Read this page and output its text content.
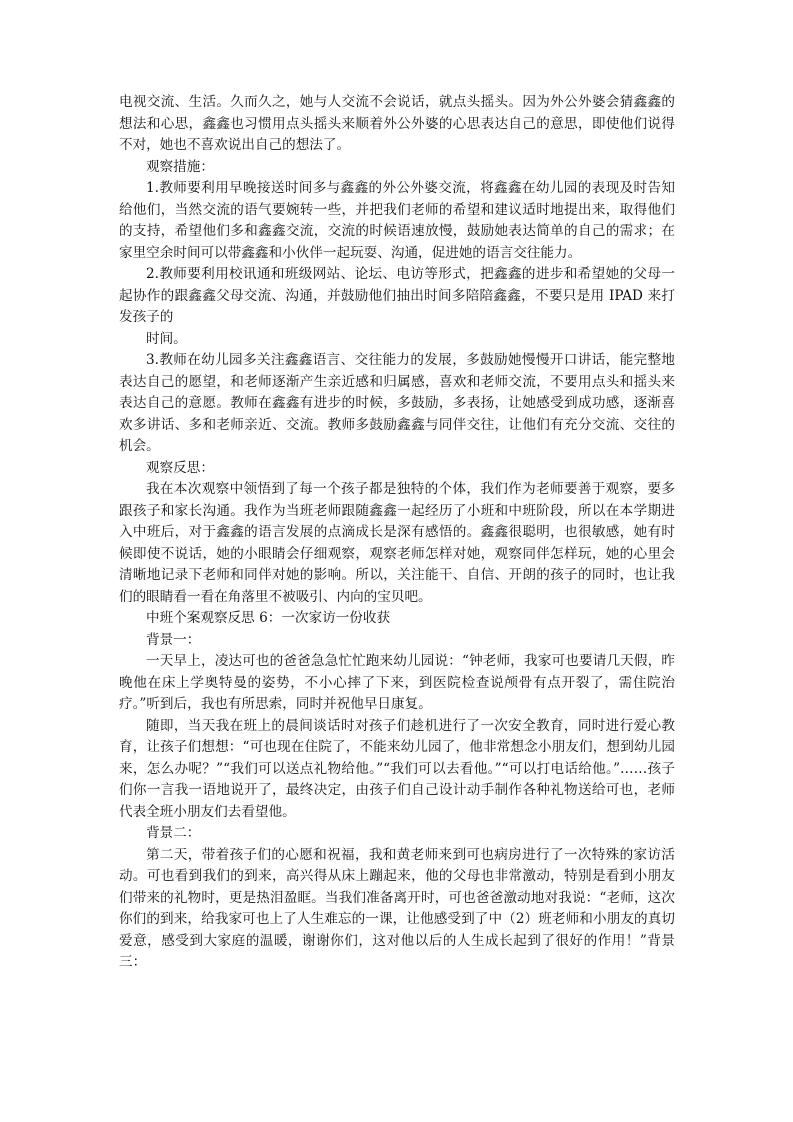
电视交流、生活。久而久之，她与人交流不会说话，就点头摇头。因为外公外婆会猜鑫鑫的想法和心思，鑫鑫也习惯用点头摇头来顺着外公外婆的心思表达自己的意思，即使他们说得不对，她也不喜欢说出自己的想法了。

观察措施：

1.教师要利用早晚接送时间多与鑫鑫的外公外婆交流，将鑫鑫在幼儿园的表现及时告知给他们，当然交流的语气要婉转一些，并把我们老师的希望和建议适时地提出来，取得他们的支持，希望他们多和鑫鑫交流，交流的时候语速放慢，鼓励她表达简单的自己的需求；在家里空余时间可以带鑫鑫和小伙伴一起玩耍、沟通，促进她的语言交往能力。

2.教师要利用校讯通和班级网站、论坛、电访等形式，把鑫鑫的进步和希望她的父母一起协作的跟鑫鑫父母交流、沟通，并鼓励他们抽出时间多陪陪鑫鑫，不要只是用 IPAD 来打发孩子的

时间。

3.教师在幼儿园多关注鑫鑫语言、交往能力的发展，多鼓励她慢慢开口讲话，能完整地表达自己的愿望，和老师逐渐产生亲近感和归属感，喜欢和老师交流，不要用点头和摇头来表达自己的意愿。教师在鑫鑫有进步的时候，多鼓励，多表扬，让她感受到成功感，逐渐喜欢多讲话、多和老师亲近、交流。教师多鼓励鑫鑫与同伴交往，让他们有充分交流、交往的机会。

观察反思：

我在本次观察中领悟到了每一个孩子都是独特的个体，我们作为老师要善于观察，要多跟孩子和家长沟通。我作为当班老师跟随鑫鑫一起经历了小班和中班阶段，所以在本学期进入中班后，对于鑫鑫的语言发展的点滴成长是深有感悟的。鑫鑫很聪明，也很敏感，她有时候即使不说话，她的小眼睛会仔细观察，观察老师怎样对她，观察同伴怎样玩，她的心里会清晰地记录下老师和同伴对她的影响。所以，关注能干、自信、开朗的孩子的同时，也让我们的眼睛看一看在角落里不被吸引、内向的宝贝吧。

中班个案观察反思 6：一次家访一份收获

背景一：

一天早上，凌达可也的爸爸急急忙忙跑来幼儿园说：“钟老师，我家可也要请几天假，昨晚他在床上学奥特曼的姿势，不小心摔了下来，到医院检查说颅骨有点开裂了，需住院治疗。”听到后，我也有所思索，同时并祝他早日康复。

随即，当天我在班上的晨间谈话时对孩子们趁机进行了一次安全教育，同时进行爱心教育，让孩子们想想：“可也现在住院了，不能来幼儿园了，他非常想念小朋友们，想到幼儿园来，怎么办呢？”“我们可以送点礼物给他。”“我们可以去看他。”“可以打电话给他。”……孩子们你一言我一语地说开了，最终决定，由孩子们自己设计动手制作各种礼物送给可也，老师代表全班小朋友们去看望他。

背景二：

第二天，带着孩子们的心愿和祝福，我和黄老师来到可也病房进行了一次特殊的家访活动。可也看到我们的到来，高兴得从床上蹦起来，他的父母也非常激动，特别是看到小朋友们带来的礼物时，更是热泪盈眶。当我们准备离开时，可也爸爸激动地对我说：“老师，这次你们的到来，给我家可也上了人生难忘的一课，让他感受到了中（2）班老师和小朋友的真切爱意，感受到大家庭的温暖，谢谢你们，这对他以后的人生成长起到了很好的作用！”背景三：
